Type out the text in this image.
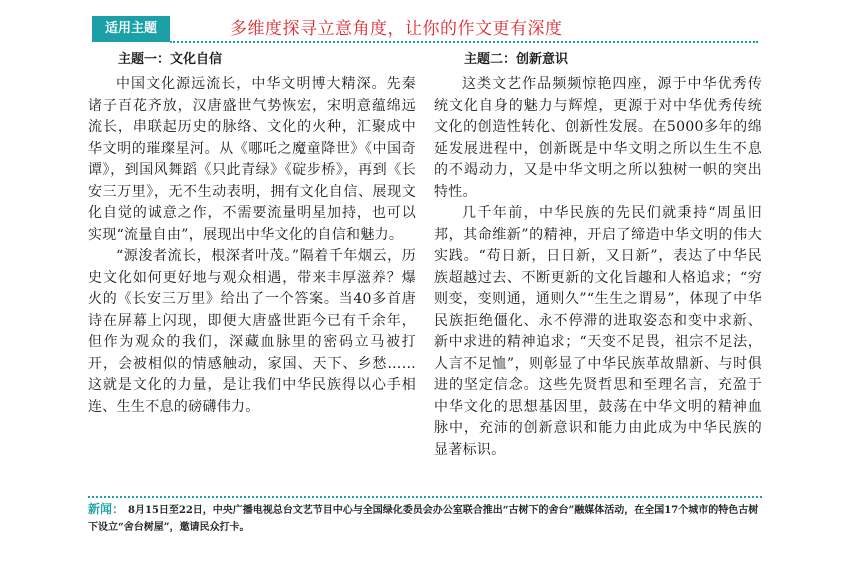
适用主题	多维度探寻立意角度，让你的作文更有深度
主题一：文化自信

中国文化源远流长，中华文明博大精深。先秦诸子百花齐放，汉唐盛世气势恢宏，宋明意蕴绵远流长，串联起历史的脉络、文化的火种，汇聚成中华文明的璀璨星河。从《哪吒之魔童降世》《中国奇谭》，到国风舞蹈《只此青绿》《碇步桥》，再到《长安三万里》，无不生动表明，拥有文化自信、展现文化自觉的诚意之作，不需要流量明星加持，也可以实现“流量自由”，展现出中华文化的自信和魅力。

“源浚者流长，根深者叶茂。”隔着千年烟云，历史文化如何更好地与观众相遇，带来丰厚滋养？爆火的《长安三万里》给出了一个答案。当40多首唐诗在屏幕上闪现，即便大唐盛世距今已有千余年，但作为观众的我们，深藏血脉里的密码立马被打开，会被相似的情感触动，家国、天下、乡愁……这就是文化的力量，是让我们中华民族得以心手相连、生生不息的磅礴伟力。

主题二：创新意识

这类文艺作品频频惊艳四座，源于中华优秀传统文化自身的魅力与辉煌，更源于对中华优秀传统文化的创造性转化、创新性发展。在5000多年的绵延发展进程中，创新既是中华文明之所以生生不息的不竭动力，又是中华文明之所以独树一帜的突出特性。

几千年前，中华民族的先民们就秉持“周虽旧邦，其命维新”的精神，开启了缔造中华文明的伟大实践。“苟日新，日日新，又日新”，表达了中华民族超越过去、不断更新的文化旨趣和人格追求；“穷则变，变则通，通则久”“生生之谓易”，体现了中华民族拒绝僵化、永不停滞的进取姿态和变中求新、新中求进的精神追求；“天变不足畏，祖宗不足法，人言不足恤”，则彰显了中华民族革故鼎新、与时俱进的坚定信念。这些先贤哲思和至理名言，充盈于中华文化的思想基因里，鼓荡在中华文明的精神血脉中，充沛的创新意识和能力由此成为中华民族的显著标识。

新闻： 8月15日至22日，中央广播电视总台文艺节目中心与全国绿化委员会办公室联合推出“古树下的舍台”融媒体活动，在全国17个城市的特色古树下设立“舍台树屋”，邀请民众打卡。
